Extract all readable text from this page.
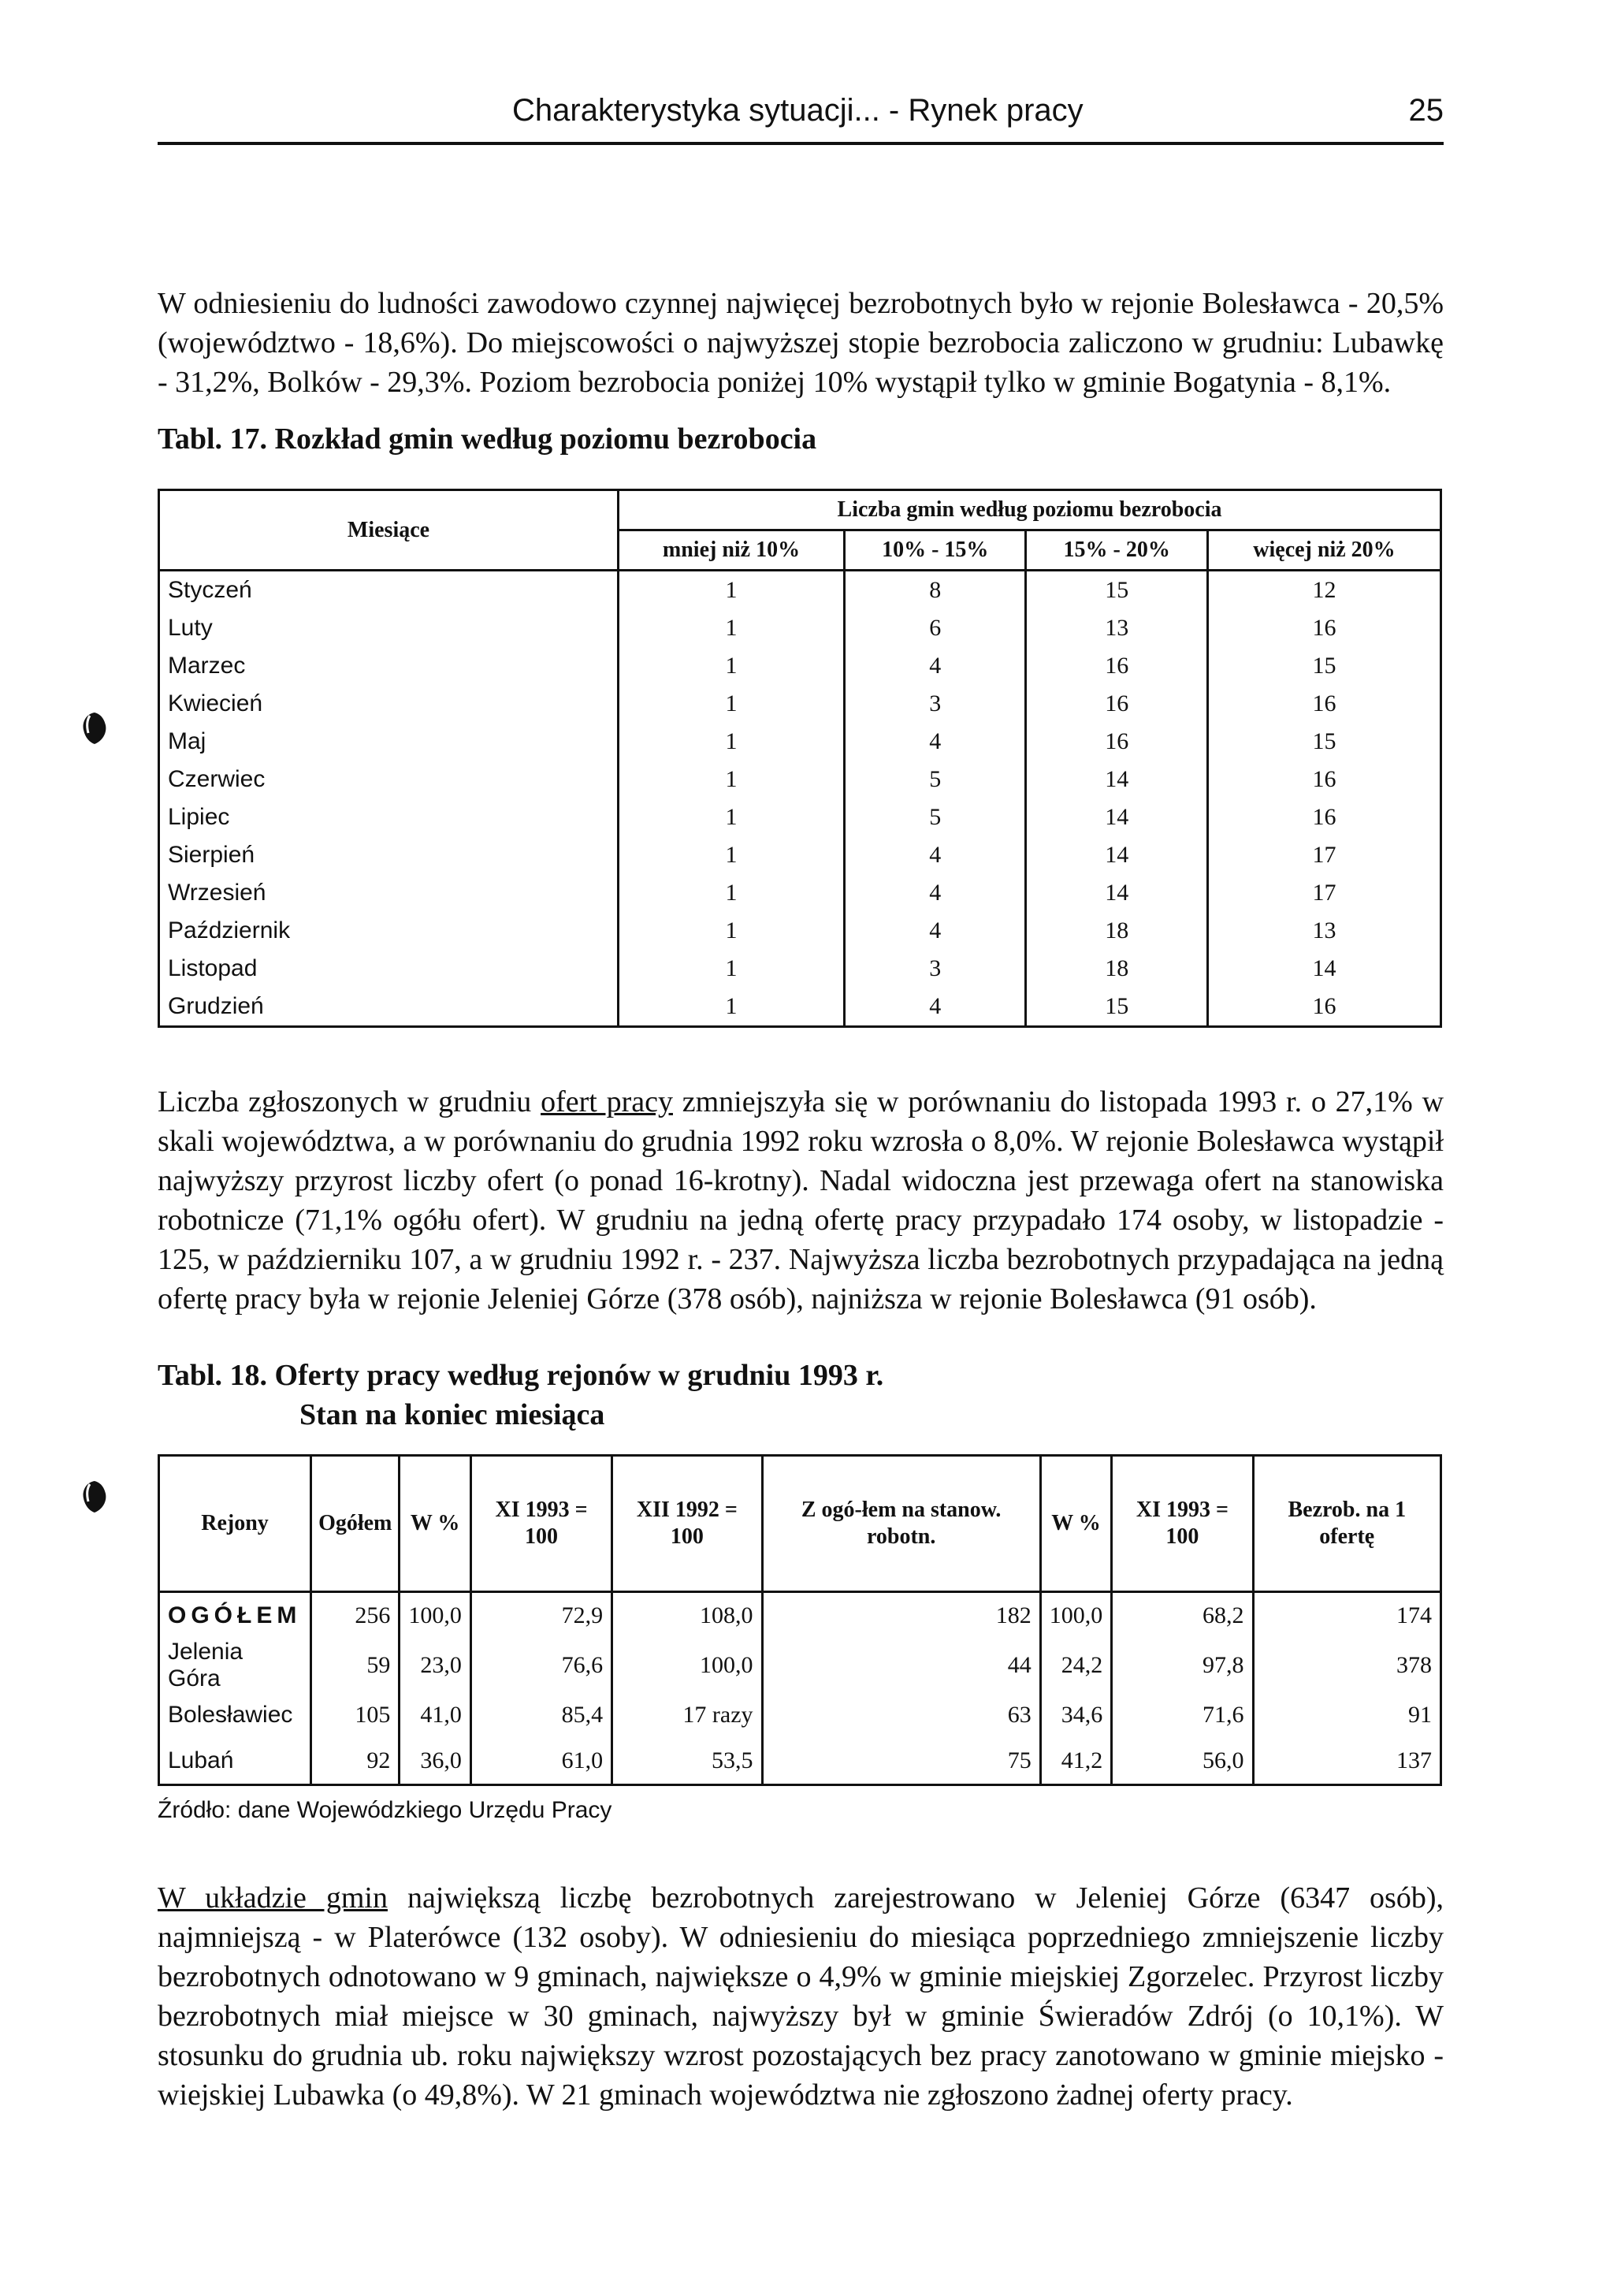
Charakterystyka sytuacji... - Rynek pracy	25

W odniesieniu do ludności zawodowo czynnej najwięcej bezrobotnych było w rejonie Bolesławca - 20,5% (województwo - 18,6%). Do miejscowości o najwyższej stopie bezrobocia zaliczono w grudniu: Lubawkę - 31,2%, Bolków - 29,3%. Poziom bezrobocia poniżej 10% wystąpił tylko w gminie Bogatynia - 8,1%.

Tabl. 17. Rozkład gmin według poziomu bezrobocia
Miesiące	Liczba gmin według poziomu bezrobocia			
	mniej niż 10%	10% - 15%	15% - 20%	więcej niż 20%
Styczeń	1	8	15	12
Luty	1	6	13	16
Marzec	1	4	16	15
Kwiecień	1	3	16	16
Maj	1	4	16	15
Czerwiec	1	5	14	16
Lipiec	1	5	14	16
Sierpień	1	4	14	17
Wrzesień	1	4	14	17
Październik	1	4	18	13
Listopad	1	3	18	14
Grudzień	1	4	15	16

Liczba zgłoszonych w grudniu ofert pracy zmniejszyła się w porównaniu do listopada 1993 r. o 27,1% w skali województwa, a w porównaniu do grudnia 1992 roku wzrosła o 8,0%. W rejonie Bolesławca wystąpił najwyższy przyrost liczby ofert (o ponad 16-krotny). Nadal widoczna jest przewaga ofert na stanowiska robotnicze (71,1% ogółu ofert). W grudniu na jedną ofertę pracy przypadało 174 osoby, w listopadzie - 125, w październiku 107, a w grudniu 1992 r. - 237. Najwyższa liczba bezrobotnych przypadająca na jedną ofertę pracy była w rejonie Jeleniej Górze (378 osób), najniższa w rejonie Bolesławca (91 osób).

Tabl. 18. Oferty pracy według rejonów w grudniu 1993 r.
Stan na koniec miesiąca
Rejony	Ogółem	W %	XI 1993 = 100	XII 1992 = 100	Z ogó-łem na stanow. robotn.	W %	XI 1993 = 100	Bezrob. na 1 ofertę
OGÓŁEM	256	100,0	72,9	108,0	182	100,0	68,2	174
Jelenia Góra	59	23,0	76,6	100,0	44	24,2	97,8	378
Bolesławiec	105	41,0	85,4	17 razy	63	34,6	71,6	91
Lubań	92	36,0	61,0	53,5	75	41,2	56,0	137
Źródło: dane Wojewódzkiego Urzędu Pracy

W układzie gmin największą liczbę bezrobotnych zarejestrowano w Jeleniej Górze (6347 osób), najmniejszą - w Platerówce (132 osoby). W odniesieniu do miesiąca poprzedniego zmniejszenie liczby bezrobotnych odnotowano w 9 gminach, największe o 4,9% w gminie miejskiej Zgorzelec. Przyrost liczby bezrobotnych miał miejsce w 30 gminach, najwyższy był w gminie Świeradów Zdrój (o 10,1%). W stosunku do grudnia ub. roku największy wzrost pozostających bez pracy zanotowano w gminie miejsko - wiejskiej Lubawka (o 49,8%). W 21 gminach województwa nie zgłoszono żadnej oferty pracy.
